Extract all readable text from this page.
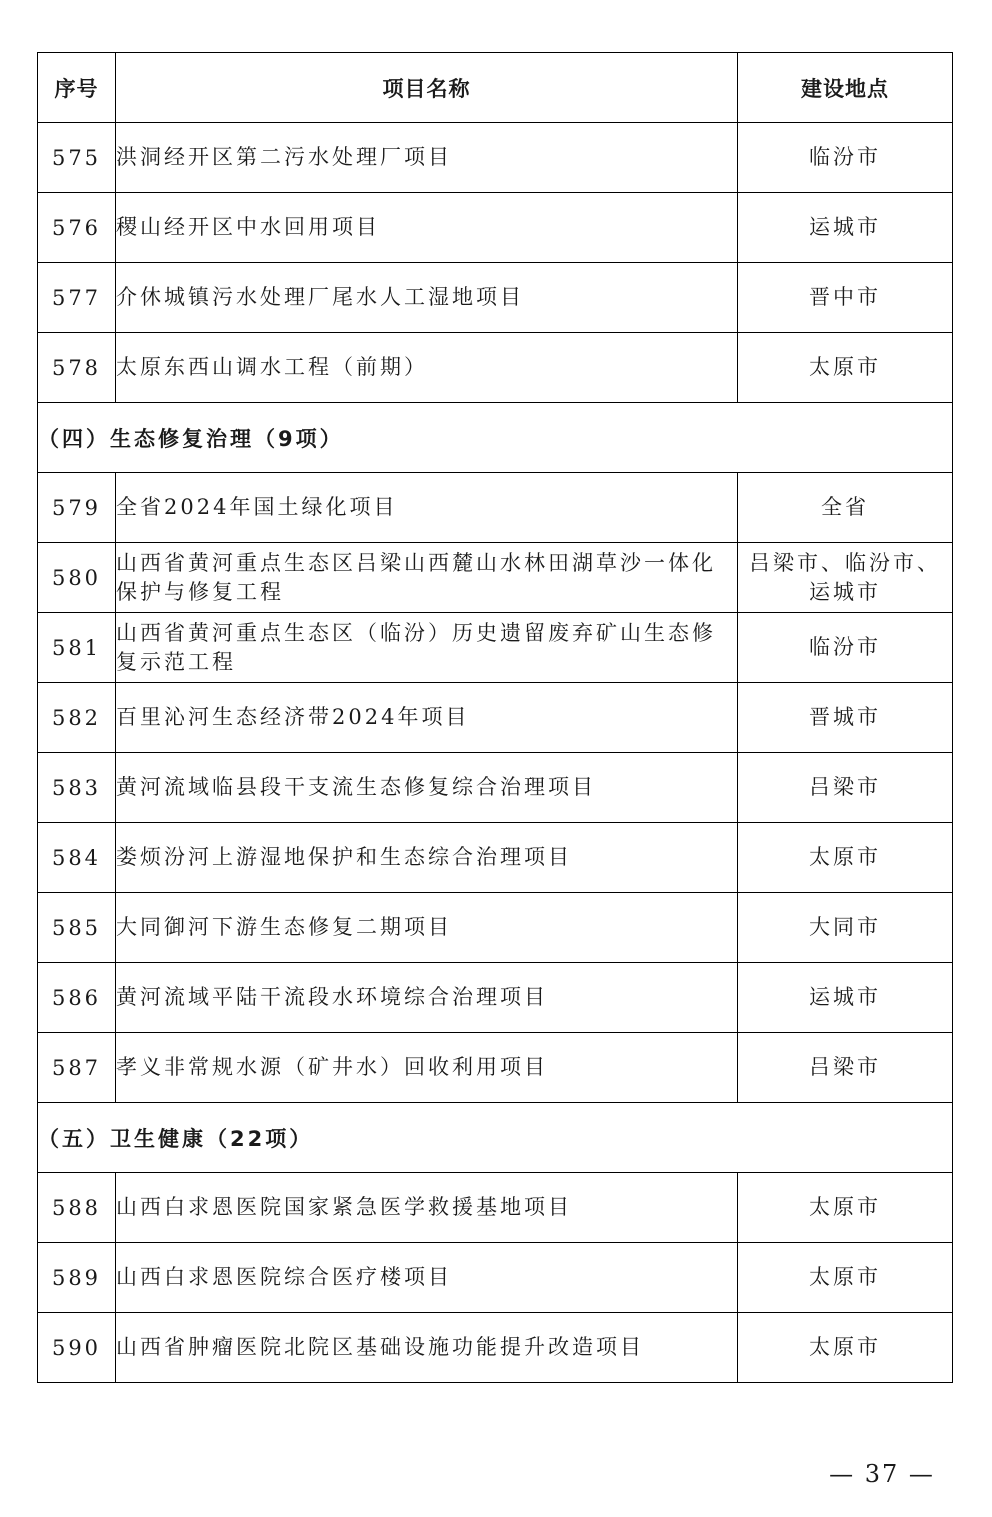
序号	项目名称	建设地点
575	洪洞经开区第二污水处理厂项目	临汾市
576	稷山经开区中水回用项目	运城市
577	介休城镇污水处理厂尾水人工湿地项目	晋中市
578	太原东西山调水工程（前期）	太原市
（四）生态修复治理（9项）		
579	全省2024年国土绿化项目	全省
580	山西省黄河重点生态区吕梁山西麓山水林田湖草沙一体化保护与修复工程	吕梁市、临汾市、运城市
581	山西省黄河重点生态区（临汾）历史遗留废弃矿山生态修复示范工程	临汾市
582	百里沁河生态经济带2024年项目	晋城市
583	黄河流域临县段干支流生态修复综合治理项目	吕梁市
584	娄烦汾河上游湿地保护和生态综合治理项目	太原市
585	大同御河下游生态修复二期项目	大同市
586	黄河流域平陆干流段水环境综合治理项目	运城市
587	孝义非常规水源（矿井水）回收利用项目	吕梁市
（五）卫生健康（22项）		
588	山西白求恩医院国家紧急医学救援基地项目	太原市
589	山西白求恩医院综合医疗楼项目	太原市
590	山西省肿瘤医院北院区基础设施功能提升改造项目	太原市
— 37 —
